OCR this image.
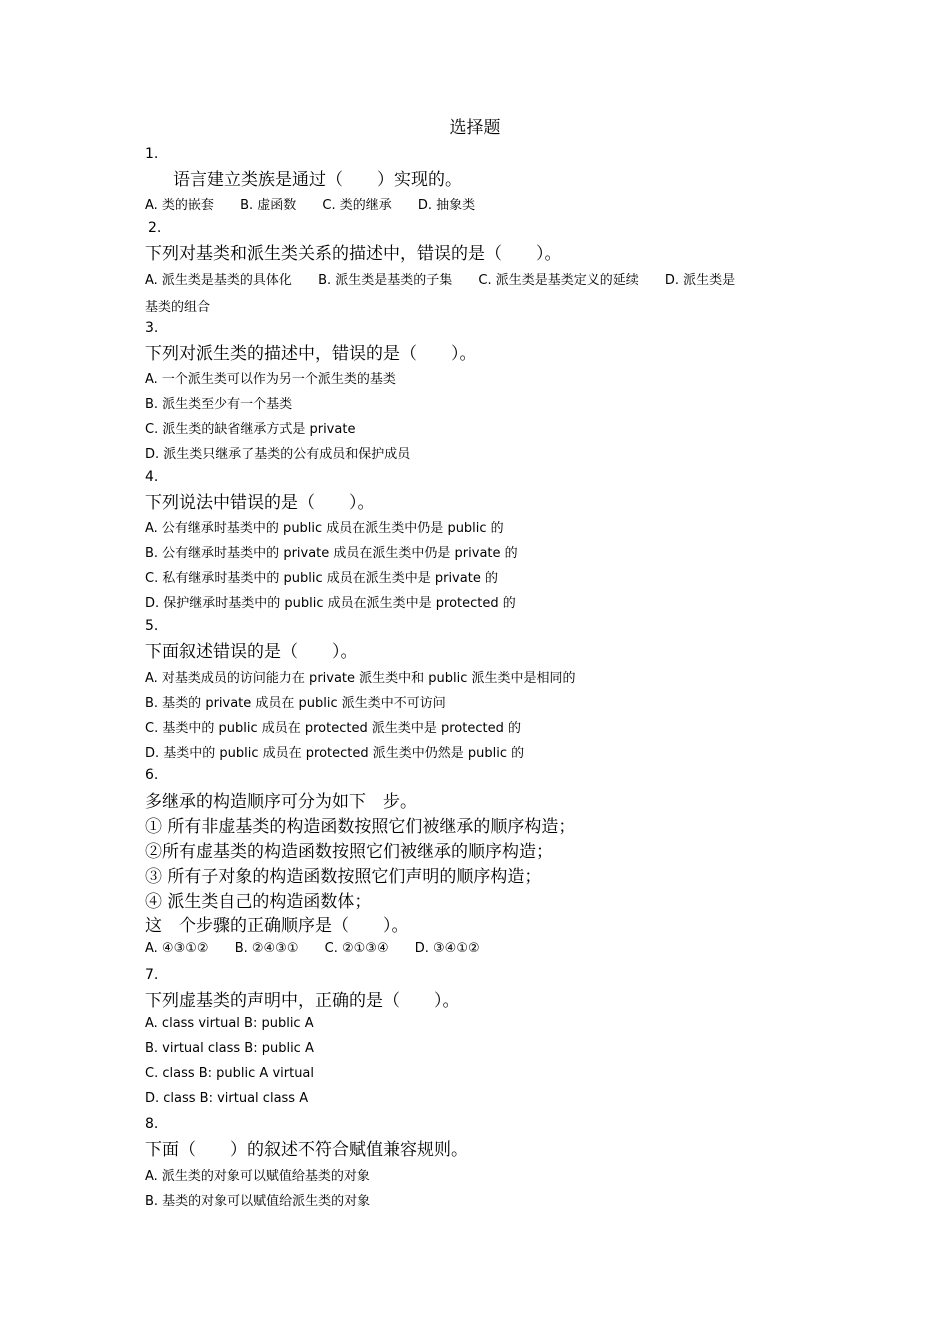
选择题
1.
语言建立类族是通过（　　）实现的。
A. 类的嵌套 B. 虚函数 C. 类的继承 D. 抽象类
2.
下列对基类和派生类关系的描述中，错误的是（　　）。
A. 派生类是基类的具体化 B. 派生类是基类的子集 C. 派生类是基类定义的延续 D. 派生类是
基类的组合
3.
下列对派生类的描述中，错误的是（　　）。
A. 一个派生类可以作为另一个派生类的基类
B. 派生类至少有一个基类
C. 派生类的缺省继承方式是 private
D. 派生类只继承了基类的公有成员和保护成员
4.
下列说法中错误的是（　　）。
A. 公有继承时基类中的 public 成员在派生类中仍是 public 的
B. 公有继承时基类中的 private 成员在派生类中仍是 private 的
C. 私有继承时基类中的 public 成员在派生类中是 private 的
D. 保护继承时基类中的 public 成员在派生类中是 protected 的
5.
下面叙述错误的是（　　）。
A. 对基类成员的访问能力在 private 派生类中和 public 派生类中是相同的
B. 基类的 private 成员在 public 派生类中不可访问
C. 基类中的 public 成员在 protected 派生类中是 protected 的
D. 基类中的 public 成员在 protected 派生类中仍然是 public 的
6.
多继承的构造顺序可分为如下　步。
① 所有非虚基类的构造函数按照它们被继承的顺序构造；
②所有虚基类的构造函数按照它们被继承的顺序构造；
③ 所有子对象的构造函数按照它们声明的顺序构造；
④ 派生类自己的构造函数体；
这　个步骤的正确顺序是（　　）。
A. ④③①② B. ②④③① C. ②①③④ D. ③④①②
7.
下列虚基类的声明中，正确的是（　　）。
A. class virtual B: public A
B. virtual class B: public A
C. class B: public A virtual
D. class B: virtual class A
8.
下面（　　）的叙述不符合赋值兼容规则。
A. 派生类的对象可以赋值给基类的对象
B. 基类的对象可以赋值给派生类的对象
